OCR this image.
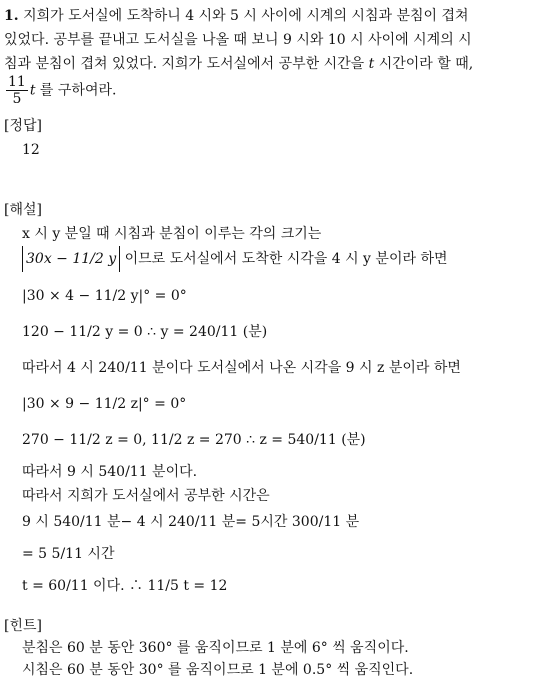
1. 지희가 도서실에 도착하니 4 시와 5 시 사이에 시계의 시침과 분침이 겹쳐
있었다. 공부를 끝내고 도서실을 나올 때 보니 9 시와 10 시 사이에 시계의 시
침과 분침이 겹쳐 있었다. 지희가 도서실에서 공부한 시간을 t 시간이라 할 때,
$\frac{11}{5}$ t 를 구하여라.
[정답]
12
[해설]
x 시 y 분일 때 시침과 분침이 이루는 각의 크기는
30x − 11/2 y 이므로 도서실에서 도착한 시각을 4 시 y 분이라 하면
|30 × 4 − 11/2 y|° = 0°
120 − 11/2 y = 0 ∴ y = 240/11 (분)
따라서 4 시 240/11 분이다 도서실에서 나온 시각을 9 시 z 분이라 하면
|30 × 9 − 11/2 z|° = 0°
270 − 11/2 z = 0, 11/2 z = 270 ∴ z = 540/11 (분)
따라서 9 시 540/11 분이다.
따라서 지희가 도서실에서 공부한 시간은
9 시 540/11 분− 4 시 240/11 분= 5시간 300/11 분
= 5 5/11 시간
t = 60/11 이다. ∴ 11/5 t = 12
[힌트]
분침은 60 분 동안 360° 를 움직이므로 1 분에 6° 씩 움직이다.
시침은 60 분 동안 30° 를 움직이므로 1 분에 0.5° 씩 움직인다.
